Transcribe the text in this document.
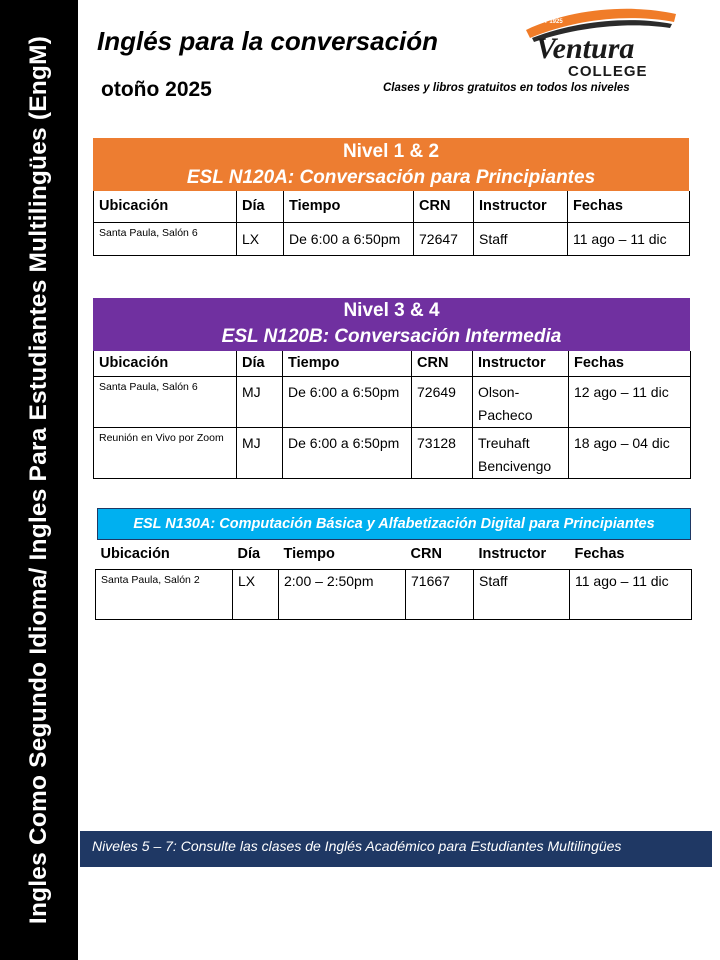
Ingles Como Segundo Idioma/ Ingles Para Estudiantes Multilingües (EngM) Inglés para la conversación
otoño 2025	Clases y libros gratuitos en todos los niveles
EST 1925
Ventura
COLLEGE
Nivel 1 & 2
ESL N120A: Conversación para Principiantes
Ubicación	Día	Tiempo	CRN	Instructor	Fechas
Santa Paula, Salón 6	LX	De 6:00 a 6:50pm	72647	Staff	11 ago – 11 dic
Nivel 3 & 4
ESL N120B: Conversación Intermedia
Ubicación	Día	Tiempo	CRN	Instructor	Fechas
Santa Paula, Salón 6	MJ	De 6:00 a 6:50pm	72649	Olson-Pacheco	12 ago – 11 dic
Reunión en Vivo por Zoom	MJ	De 6:00 a 6:50pm	73128	Treuhaft Bencivengo	18 ago – 04 dic
ESL N130A: Computación Básica y Alfabetización Digital para Principiantes
Ubicación	Día	Tiempo	CRN	Instructor	Fechas
Santa Paula, Salón 2	LX	2:00 – 2:50pm	71667	Staff	11 ago – 11 dic
Niveles 5 – 7: Consulte las clases de Inglés Académico para Estudiantes Multilingües
